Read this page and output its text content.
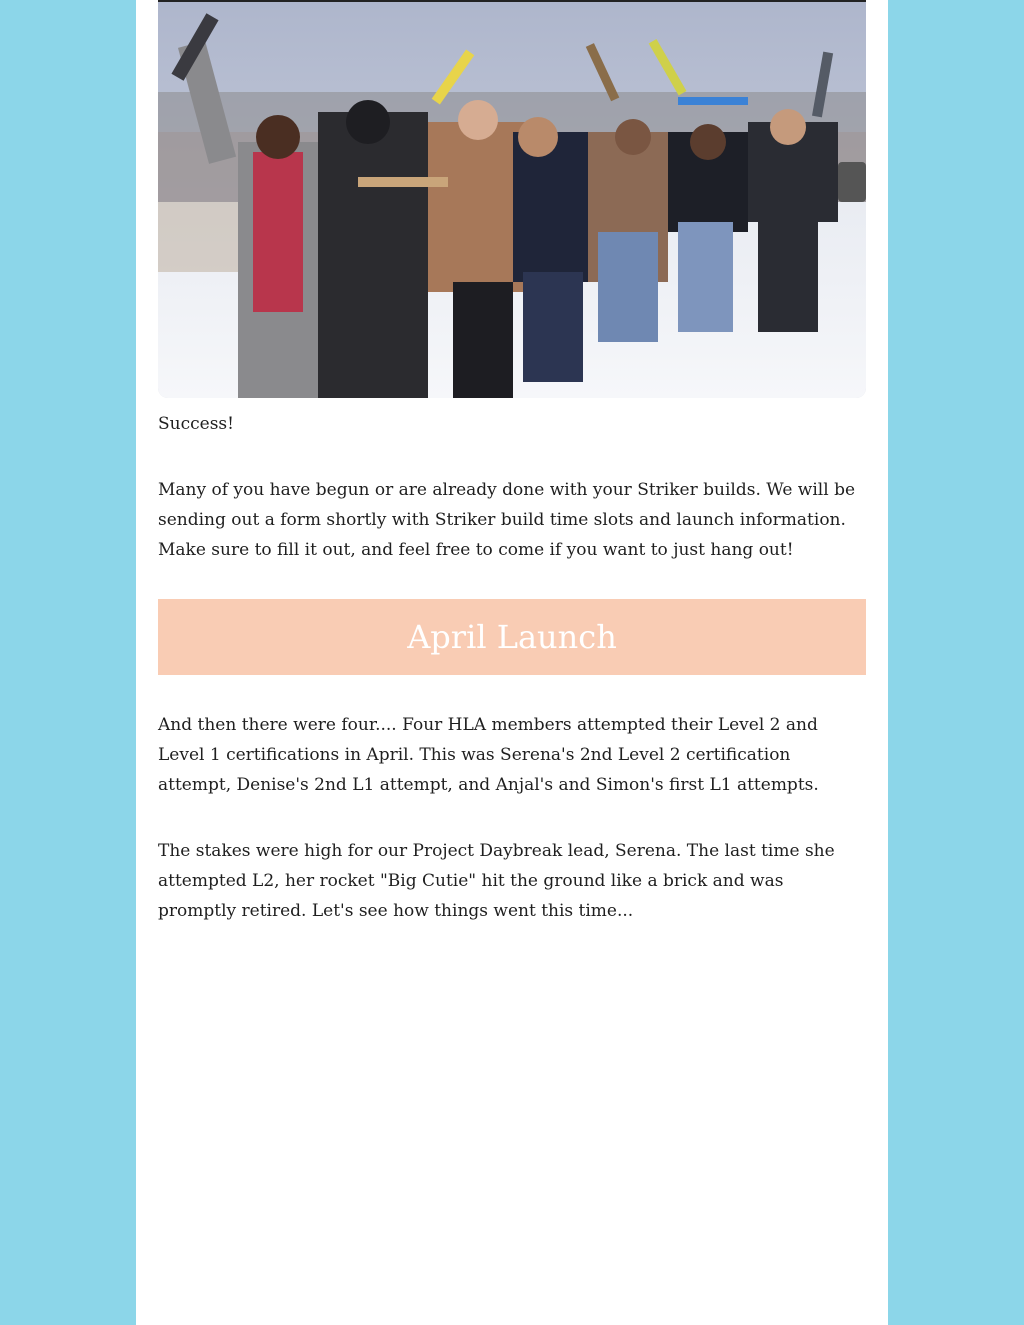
Success!

Many of you have begun or are already done with your Striker builds. We will be sending out a form shortly with Striker build time slots and launch information. Make sure to fill it out, and feel free to come if you want to just hang out!

April Launch

And then there were four.... Four HLA members attempted their Level 2 and Level 1 certifications in April. This was Serena's 2nd Level 2 certification attempt, Denise's 2nd L1 attempt, and Anjal's and Simon's first L1 attempts.

The stakes were high for our Project Daybreak lead, Serena. The last time she attempted L2, her rocket "Big Cutie" hit the ground like a brick and was promptly retired. Let's see how things went this time...
